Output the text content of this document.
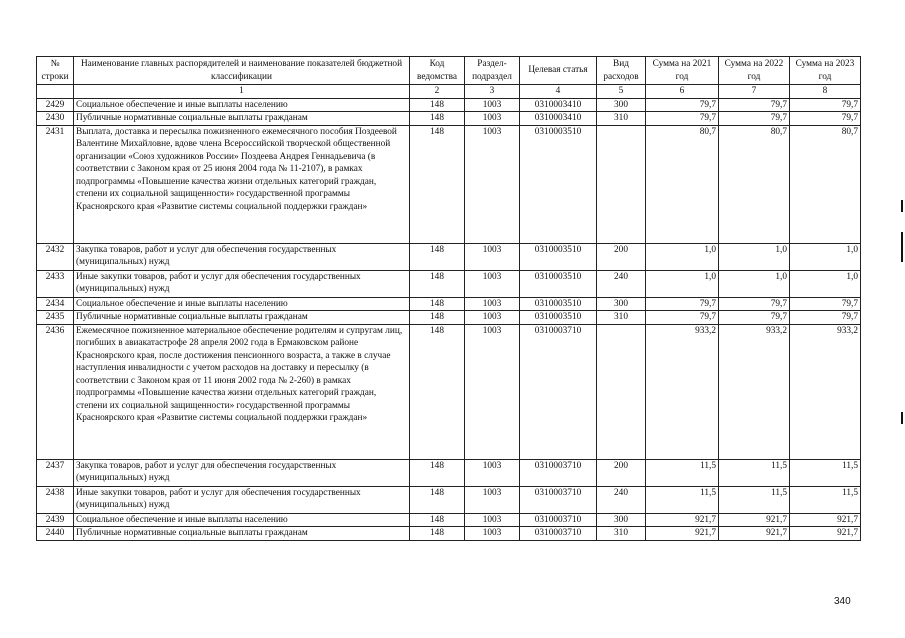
№ строки	Наименование главных распорядителей и наименование показателей бюджетной классификации	Код ведомства	Раздел-подраздел	Целевая статья	Вид расходов	Сумма на 2021 год	Сумма на 2022 год	Сумма на 2023 год
	1	2	3	4	5	6	7	8
2429	Социальное обеспечение и иные выплаты населению	148	1003	0310003410	300	79,7	79,7	79,7
2430	Публичные нормативные социальные выплаты гражданам	148	1003	0310003410	310	79,7	79,7	79,7
2431	Выплата, доставка и пересылка пожизненного ежемесячного пособия Поздеевой Валентине Михайловне, вдове члена Всероссийской творческой общественной организации «Союз художников России» Поздеева Андрея Геннадьевича (в соответствии с Законом края от 25 июня 2004 года № 11-2107), в рамках подпрограммы «Повышение качества жизни отдельных категорий граждан, степени их социальной защищенности» государственной программы Красноярского края «Развитие системы социальной поддержки граждан»	148	1003	0310003510		80,7	80,7	80,7
2432	Закупка товаров, работ и услуг для обеспечения государственных (муниципальных) нужд	148	1003	0310003510	200	1,0	1,0	1,0
2433	Иные закупки товаров, работ и услуг для обеспечения государственных (муниципальных) нужд	148	1003	0310003510	240	1,0	1,0	1,0
2434	Социальное обеспечение и иные выплаты населению	148	1003	0310003510	300	79,7	79,7	79,7
2435	Публичные нормативные социальные выплаты гражданам	148	1003	0310003510	310	79,7	79,7	79,7
2436	Ежемесячное пожизненное материальное обеспечение родителям и супругам лиц, погибших в авиакатастрофе 28 апреля 2002 года в Ермаковском районе Красноярского края, после достижения пенсионного возраста, а также в случае наступления инвалидности с учетом расходов на доставку и пересылку (в соответствии с Законом края от 11 июня 2002 года № 2-260) в рамках подпрограммы «Повышение качества жизни отдельных категорий граждан, степени их социальной защищенности» государственной программы Красноярского края «Развитие системы социальной поддержки граждан»	148	1003	0310003710		933,2	933,2	933,2
2437	Закупка товаров, работ и услуг для обеспечения государственных (муниципальных) нужд	148	1003	0310003710	200	11,5	11,5	11,5
2438	Иные закупки товаров, работ и услуг для обеспечения государственных (муниципальных) нужд	148	1003	0310003710	240	11,5	11,5	11,5
2439	Социальное обеспечение и иные выплаты населению	148	1003	0310003710	300	921,7	921,7	921,7
2440	Публичные нормативные социальные выплаты гражданам	148	1003	0310003710	310	921,7	921,7	921,7
340
